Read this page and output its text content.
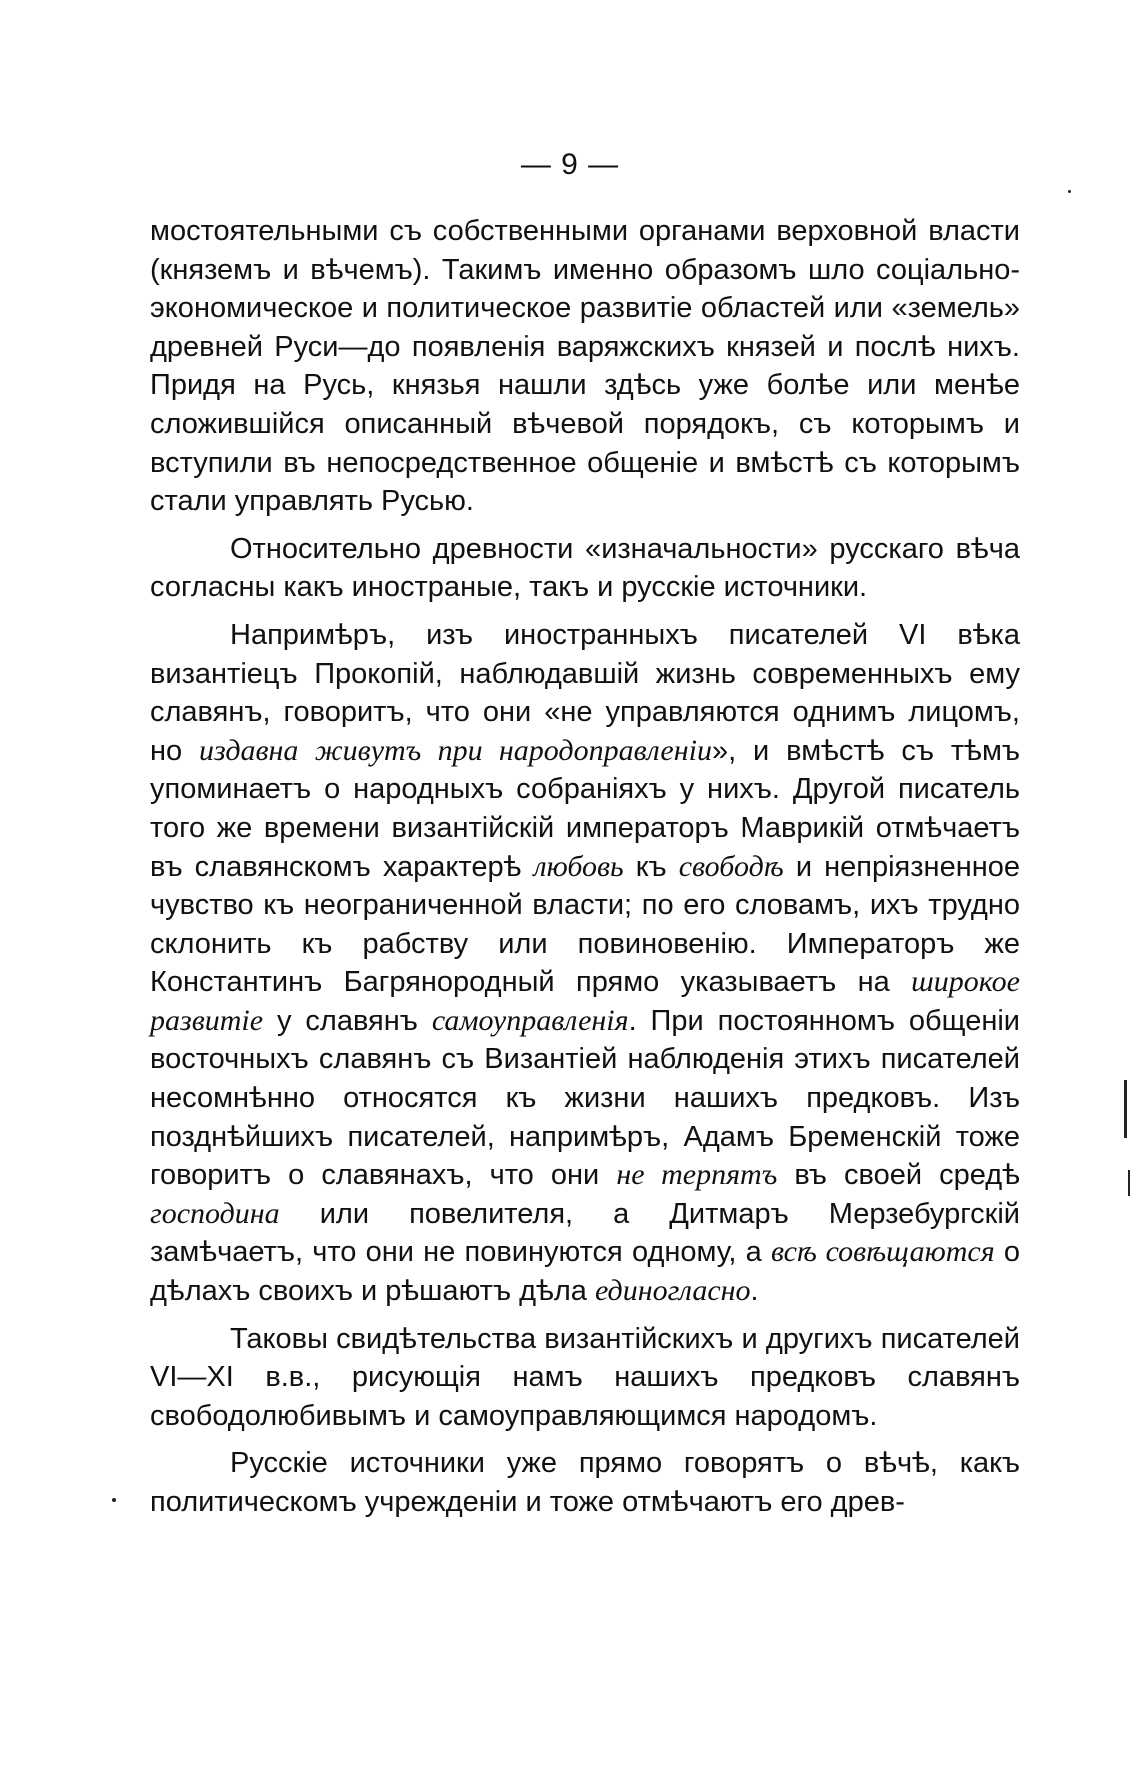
— 9 —

мостоятельными съ собственными органами верховной власти (княземъ и вѣчемъ). Такимъ именно образомъ шло соціально-экономическое и политическое развитіе областей или «земель» древней Руси—до появленія варяжскихъ князей и послѣ нихъ. Придя на Русь, князья нашли здѣсь уже болѣе или менѣе сложившійся описанный вѣчевой порядокъ, съ которымъ и вступили въ непосредственное общеніе и вмѣстѣ съ которымъ стали управлять Русью.

Относительно древности «изначальности» русскаго вѣча согласны какъ иностраные, такъ и русскіе источники.

Напримѣръ, изъ иностранныхъ писателей VI вѣка византіецъ Прокопій, наблюдавшій жизнь современныхъ ему славянъ, говоритъ, что они «не управляются однимъ лицомъ, но издавна живутъ при народоправленіи», и вмѣстѣ съ тѣмъ упоминаетъ о народныхъ собраніяхъ у нихъ. Другой писатель того же времени византійскій императоръ Маврикій отмѣчаетъ въ славянскомъ характерѣ любовь къ свободѣ и непріязненное чувство къ неограниченной власти; по его словамъ, ихъ трудно склонить къ рабству или повиновенію. Императоръ же Константинъ Багрянородный прямо указываетъ на широкое развитіе у славянъ самоуправленія. При постоянномъ общеніи восточныхъ славянъ съ Византіей наблюденія этихъ писателей несомнѣнно относятся къ жизни нашихъ предковъ. Изъ позднѣйшихъ писателей, напримѣръ, Адамъ Бременскій тоже говоритъ о славянахъ, что они не терпятъ въ своей средѣ господина или повелителя, а Дитмаръ Мерзебургскій замѣчаетъ, что они не повинуются одному, а всѣ совѣщаются о дѣлахъ своихъ и рѣшаютъ дѣла единогласно.

Таковы свидѣтельства византійскихъ и другихъ писателей VI—XI в.в., рисующія намъ нашихъ предковъ славянъ свободолюбивымъ и самоуправляющимся народомъ.

Русскіе источники уже прямо говорятъ о вѣчѣ, какъ политическомъ учрежденіи и тоже отмѣчаютъ его древ-
